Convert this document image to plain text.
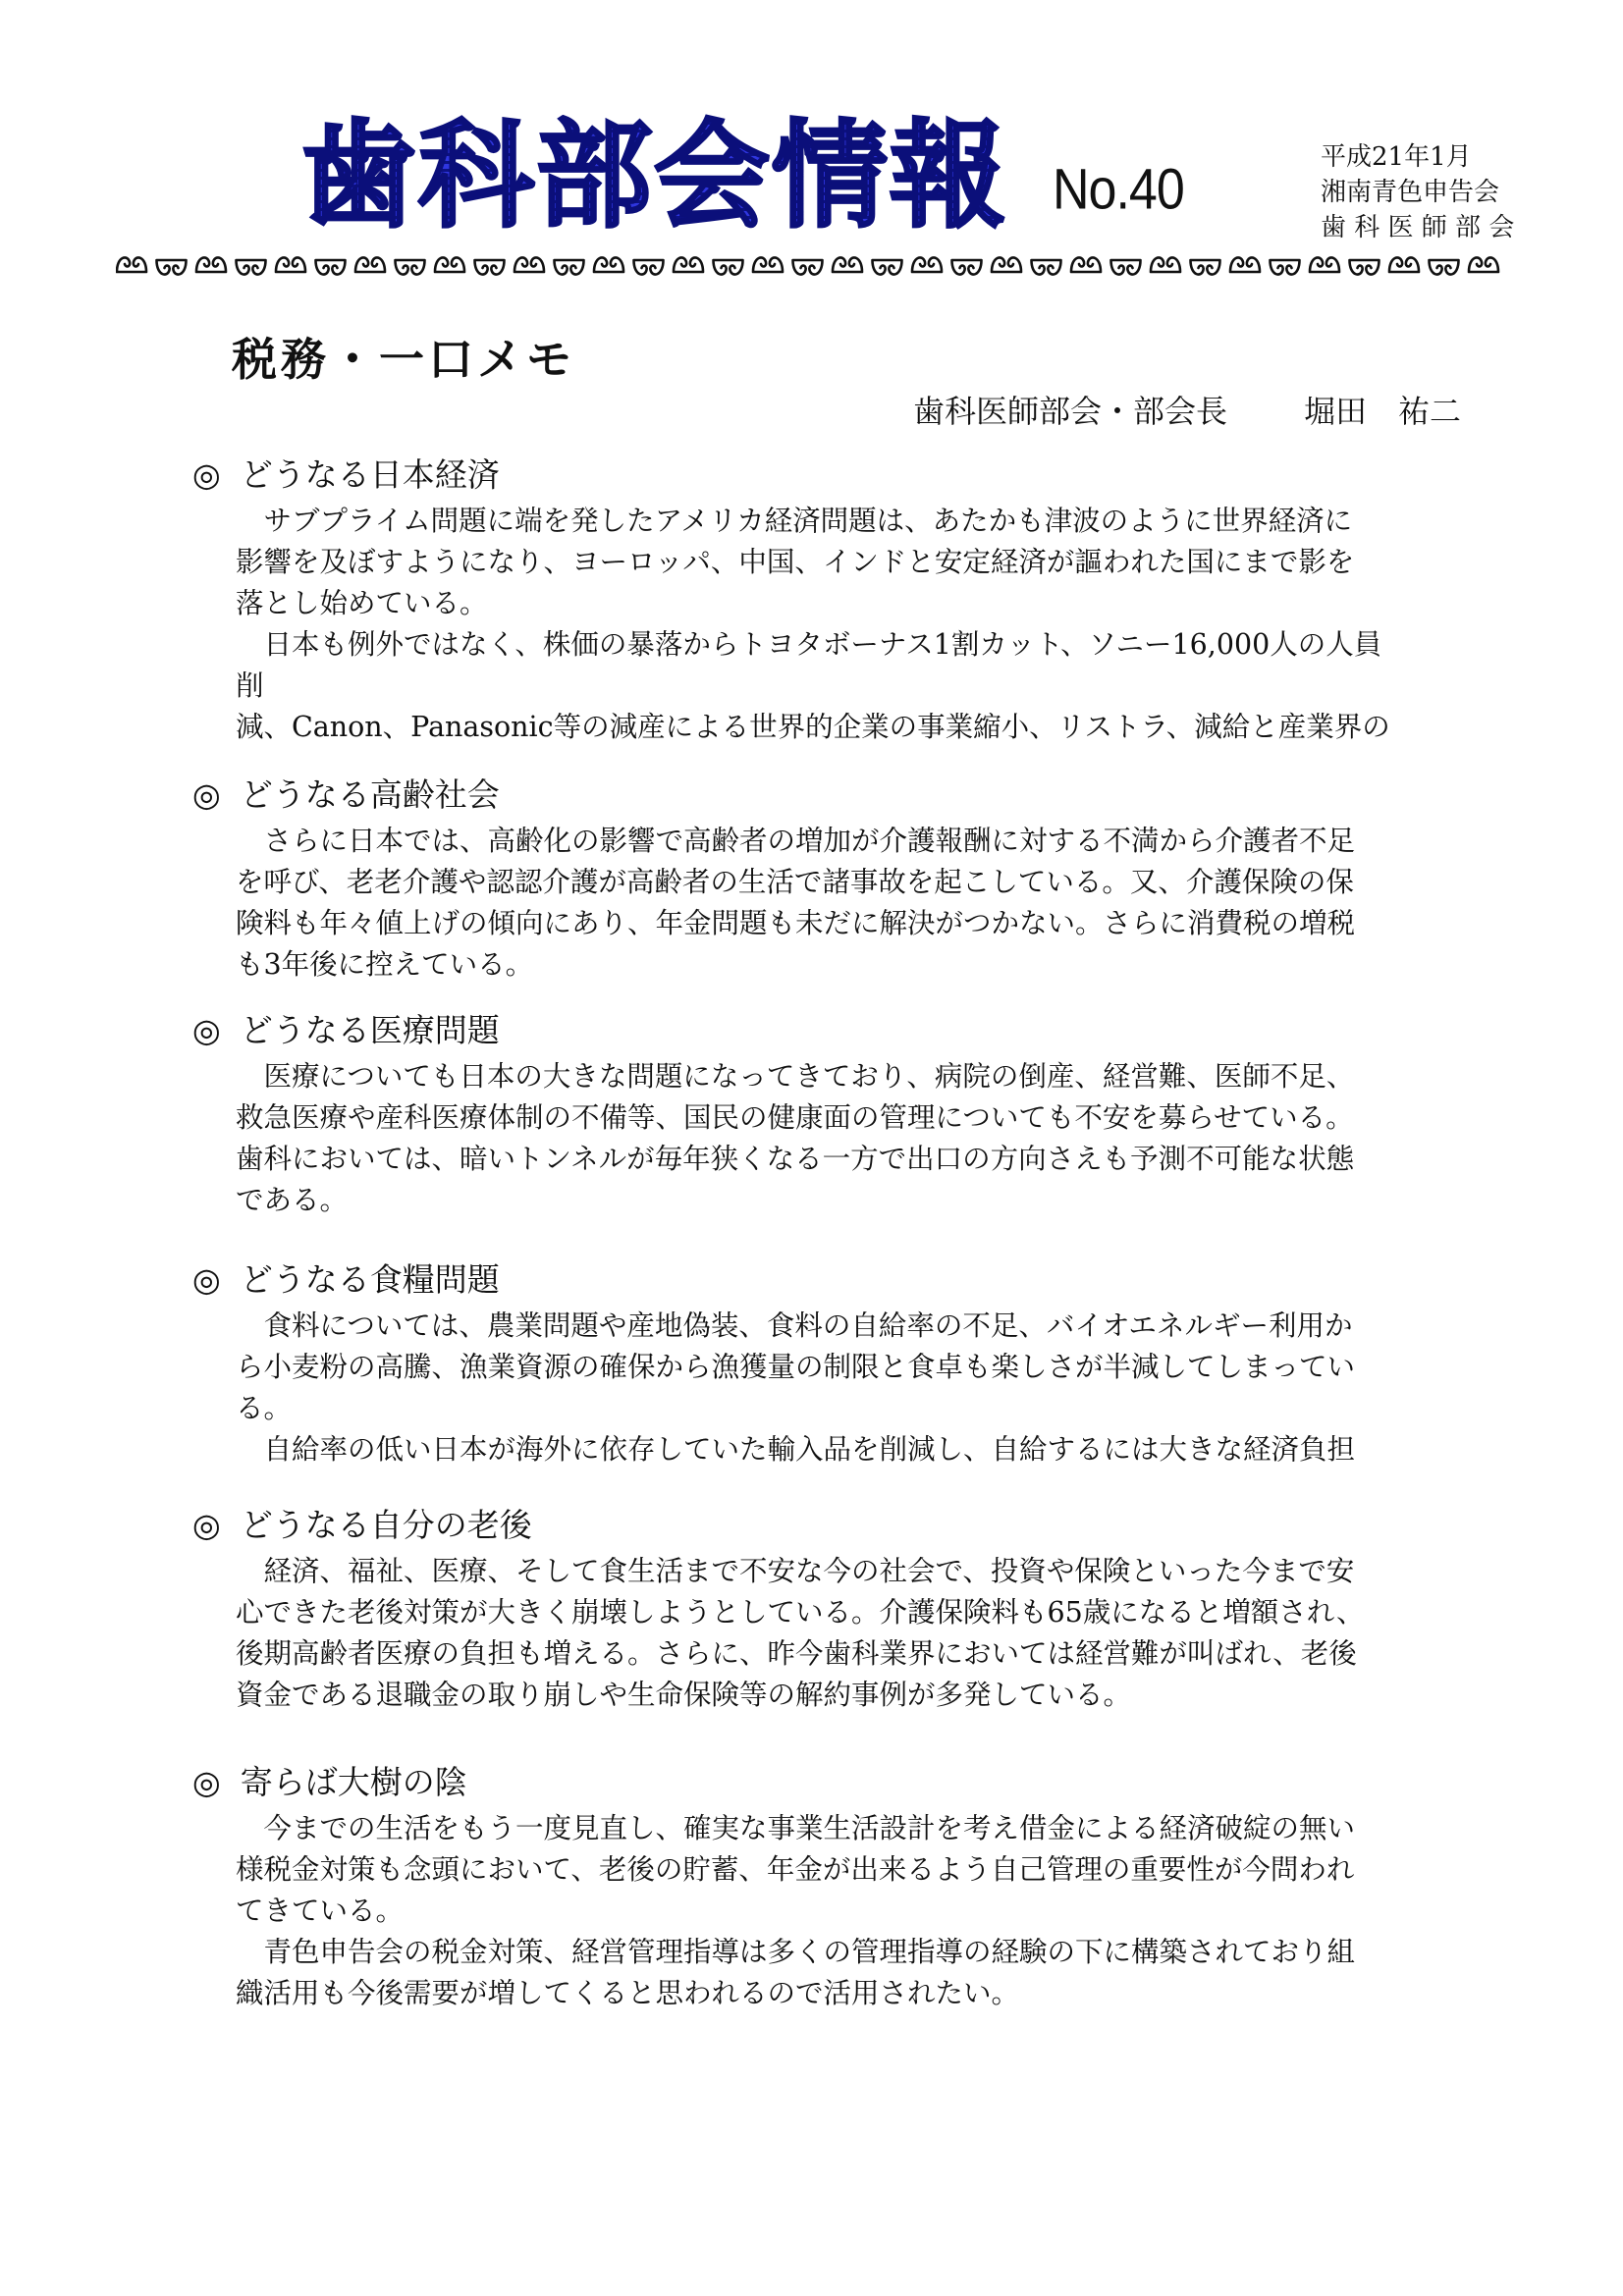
歯科部会情報 No.40
平成21年1月
湘南青色申告会
歯 科 医 師 部 会
税務・一口メモ
歯科医師部会・部会長 堀田　祐二
◎ どうなる日本経済
　サブプライム問題に端を発したアメリカ経済問題は、あたかも津波のように世界経済に
影響を及ぼすようになり、ヨーロッパ、中国、インドと安定経済が謳われた国にまで影を
落とし始めている。
　日本も例外ではなく、株価の暴落からトヨタボーナス1割カット、ソニー16,000人の人員
削
減、Canon、Panasonic等の減産による世界的企業の事業縮小、リストラ、減給と産業界の
◎ どうなる高齢社会
　さらに日本では、高齢化の影響で高齢者の増加が介護報酬に対する不満から介護者不足
を呼び、老老介護や認認介護が高齢者の生活で諸事故を起こしている。又、介護保険の保
険料も年々値上げの傾向にあり、年金問題も未だに解決がつかない。さらに消費税の増税
も3年後に控えている。
◎ どうなる医療問題
　医療についても日本の大きな問題になってきており、病院の倒産、経営難、医師不足、
救急医療や産科医療体制の不備等、国民の健康面の管理についても不安を募らせている。
歯科においては、暗いトンネルが毎年狭くなる一方で出口の方向さえも予測不可能な状態
である。
◎ どうなる食糧問題
　食料については、農業問題や産地偽装、食料の自給率の不足、バイオエネルギー利用か
ら小麦粉の高騰、漁業資源の確保から漁獲量の制限と食卓も楽しさが半減してしまってい
る。
　自給率の低い日本が海外に依存していた輸入品を削減し、自給するには大きな経済負担
◎ どうなる自分の老後
　経済、福祉、医療、そして食生活まで不安な今の社会で、投資や保険といった今まで安
心できた老後対策が大きく崩壊しようとしている。介護保険料も65歳になると増額され、
後期高齢者医療の負担も増える。さらに、昨今歯科業界においては経営難が叫ばれ、老後
資金である退職金の取り崩しや生命保険等の解約事例が多発している。
◎ 寄らば大樹の陰
　今までの生活をもう一度見直し、確実な事業生活設計を考え借金による経済破綻の無い
様税金対策も念頭において、老後の貯蓄、年金が出来るよう自己管理の重要性が今問われ
てきている。
　青色申告会の税金対策、経営管理指導は多くの管理指導の経験の下に構築されており組
織活用も今後需要が増してくると思われるので活用されたい。
